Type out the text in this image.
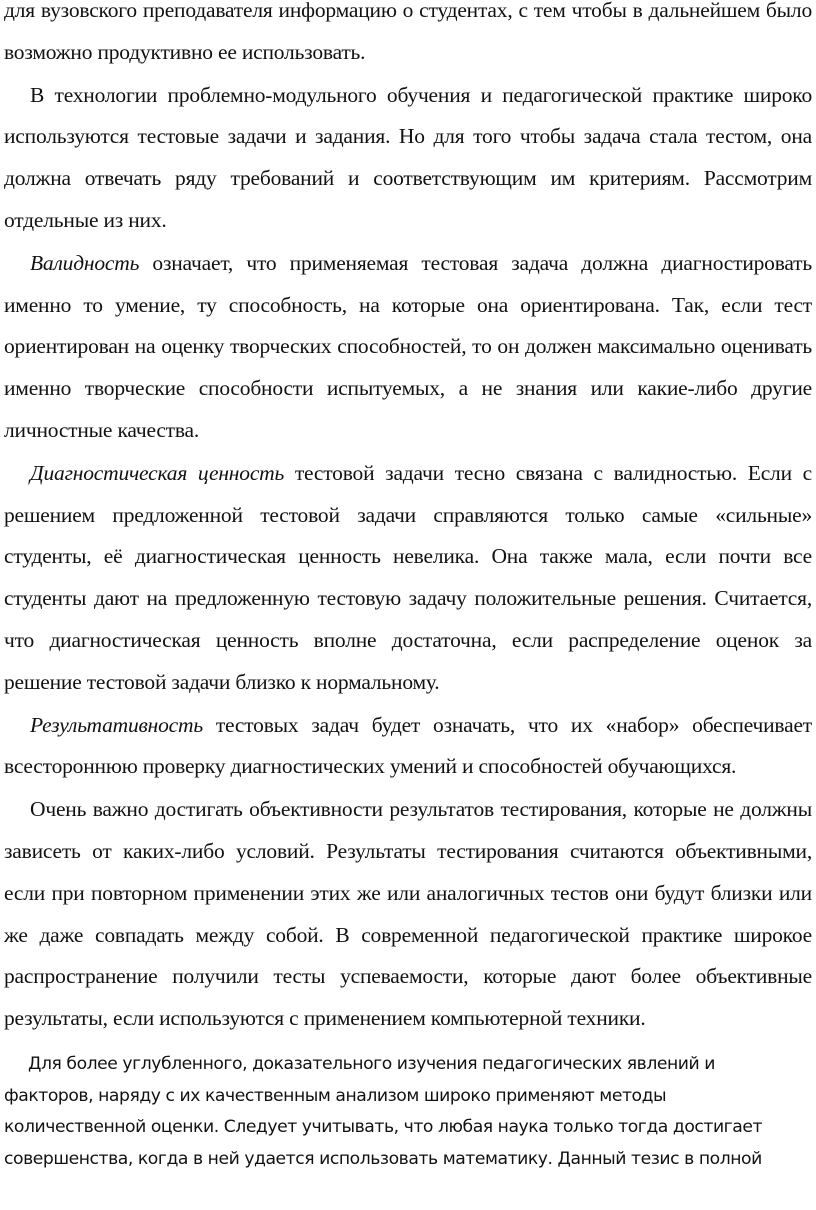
для вузовского преподавателя информацию о студентах, с тем чтобы в дальнейшем было возможно продуктивно ее использовать.

В технологии проблемно-модульного обучения и педагогической практике широко используются тестовые задачи и задания. Но для того чтобы задача стала тестом, она должна отвечать ряду требований и соответствующим им критериям. Рассмотрим отдельные из них.

Валидность означает, что применяемая тестовая задача должна диагностировать именно то умение, ту способность, на которые она ориентирована. Так, если тест ориентирован на оценку творческих способностей, то он должен максимально оценивать именно творческие способности испытуемых, а не знания или какие-либо другие личностные качества.

Диагностическая ценность тестовой задачи тесно связана с валидностью. Если с решением предложенной тестовой задачи справляются только самые «сильные» студенты, её диагностическая ценность невелика. Она также мала, если почти все студенты дают на предложенную тестовую задачу положительные решения. Считается, что диагностическая ценность вполне достаточна, если распределение оценок за решение тестовой задачи близко к нормальному.

Результативность тестовых задач будет означать, что их «набор» обеспечивает всестороннюю проверку диагностических умений и способностей обучающихся.

Очень важно достигать объективности результатов тестирования, которые не должны зависеть от каких-либо условий. Результаты тестирования считаются объективными, если при повторном применении этих же или аналогичных тестов они будут близки или же даже совпадать между собой. В современной педагогической практике широкое распространение получили тесты успеваемости, которые дают более объективные результаты, если используются с применением компьютерной техники.

Для более углубленного, доказательного изучения педагогических явлений и факторов, наряду с их качественным анализом широко применяют методы количественной оценки. Следует учитывать, что любая наука только тогда достигает совершенства, когда в ней удается использовать математику. Данный тезис в полной
